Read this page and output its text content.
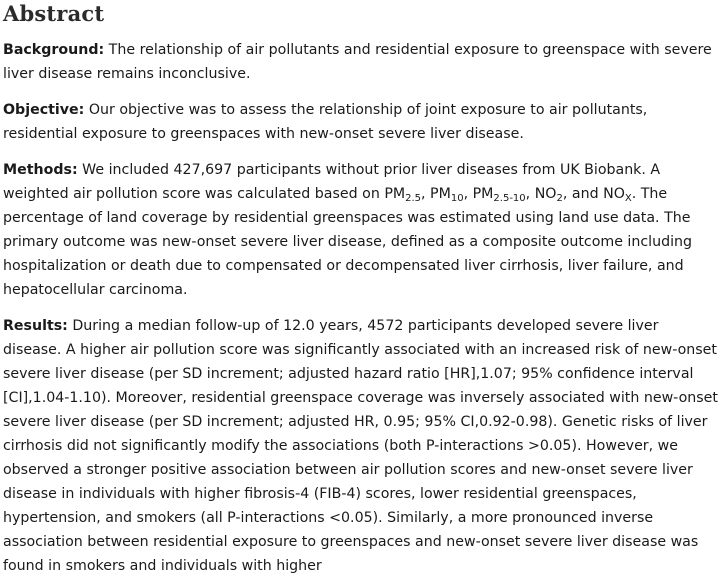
Abstract

Background: The relationship of air pollutants and residential exposure to greenspace with severe liver disease remains inconclusive.

Objective: Our objective was to assess the relationship of joint exposure to air pollutants, residential exposure to greenspaces with new-onset severe liver disease.

Methods: We included 427,697 participants without prior liver diseases from UK Biobank. A weighted air pollution score was calculated based on $PM_{2.5}$, $PM_{10}$, $PM_{2.5-10}$, $NO_2$, and $NO_X$. The percentage of land coverage by residential greenspaces was estimated using land use data. The primary outcome was new-onset severe liver disease, defined as a composite outcome including hospitalization or death due to compensated or decompensated liver cirrhosis, liver failure, and hepatocellular carcinoma.

Results: During a median follow-up of 12.0 years, 4572 participants developed severe liver disease. A higher air pollution score was significantly associated with an increased risk of new-onset severe liver disease (per SD increment; adjusted hazard ratio [HR],1.07; 95% confidence interval [CI],1.04-1.10). Moreover, residential greenspace coverage was inversely associated with new-onset severe liver disease (per SD increment; adjusted HR, 0.95; 95% CI,0.92-0.98). Genetic risks of liver cirrhosis did not significantly modify the associations (both P-interactions >0.05). However, we observed a stronger positive association between air pollution scores and new-onset severe liver disease in individuals with higher fibrosis-4 (FIB-4) scores, lower residential greenspaces, hypertension, and smokers (all P-interactions <0.05). Similarly, a more pronounced inverse association between residential exposure to greenspaces and new-onset severe liver disease was found in smokers and individuals with higher
